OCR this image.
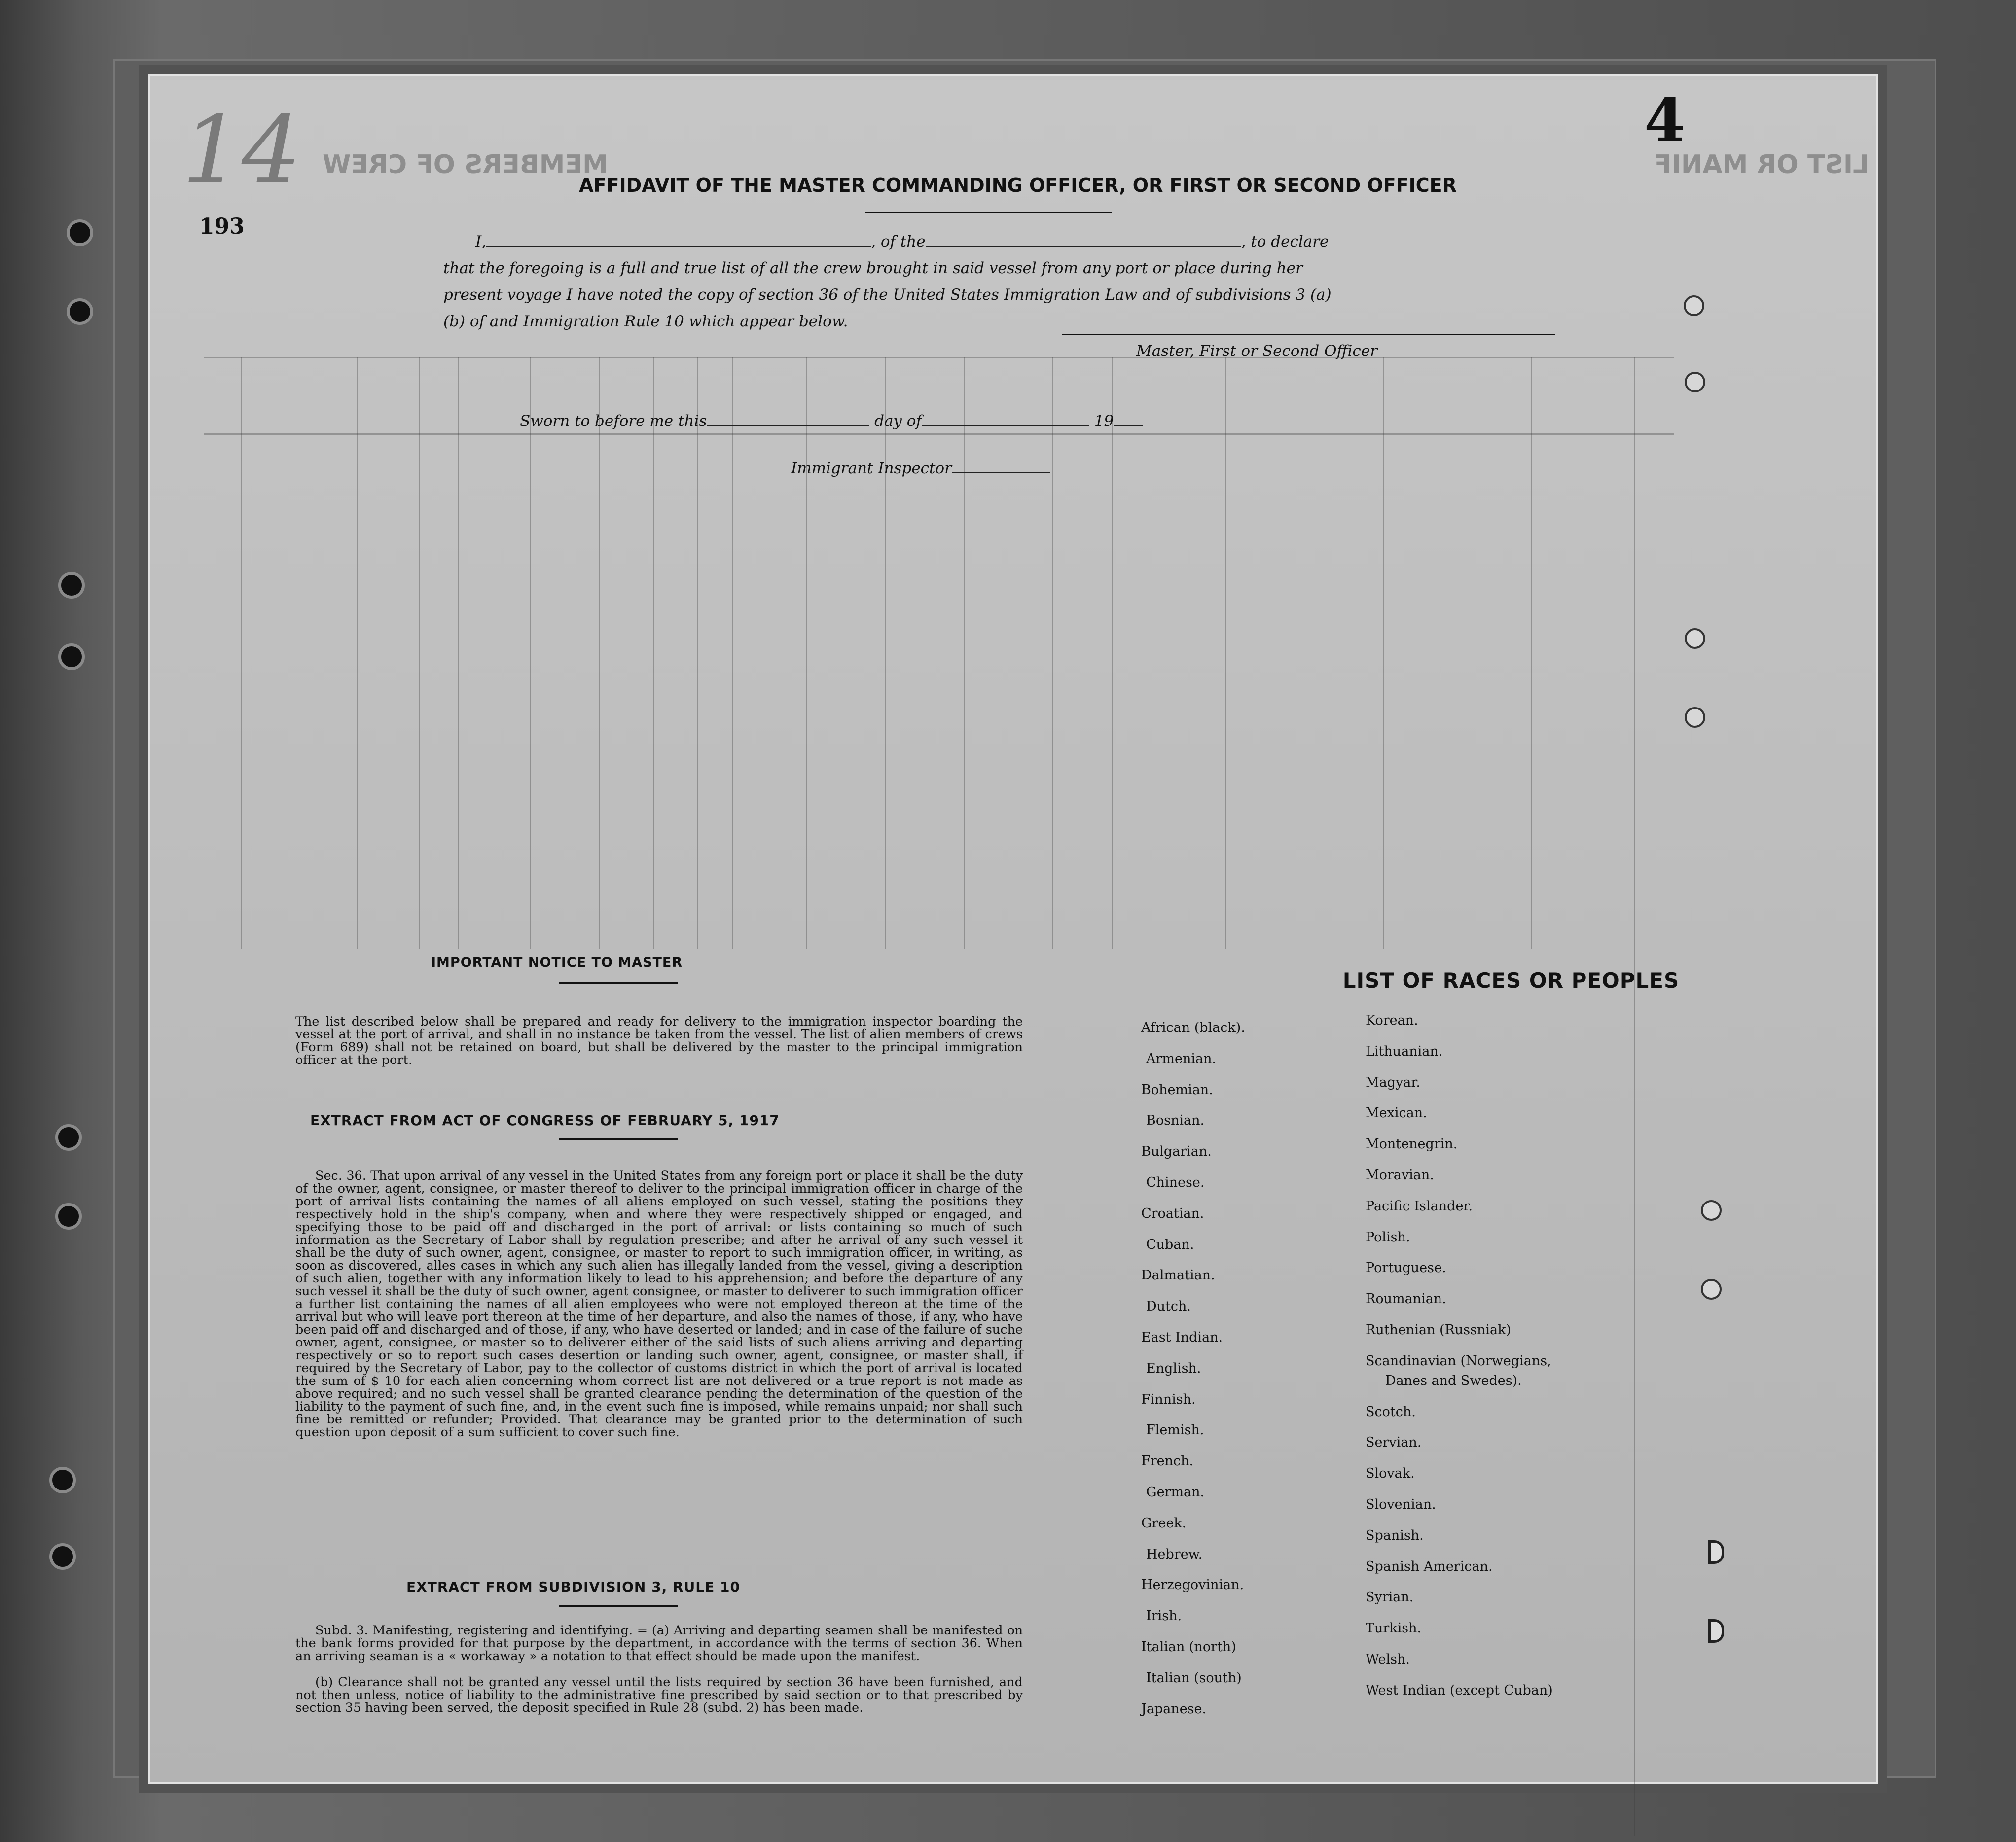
LIST OR MANIF
MEMBERS OF CREW
14
193
4
AFFIDAVIT OF THE MASTER COMMANDING OFFICER, OR FIRST OR SECOND OFFICER
I,	, of the	, to declare
that the foregoing is a full and true list of all the crew brought in said vessel from any port or place during her
present voyage I have noted the copy of section 36 of the United States Immigration Law and of subdivisions 3 (a)
(b) of and Immigration Rule 10 which appear below.
Master, First or Second Officer
Sworn to before me this	day of	19
Immigrant Inspector
IMPORTANT NOTICE TO MASTER
The list described below shall be prepared and ready for delivery to the immigration inspector boarding the vessel at the port of arrival, and shall in no instance be taken from the vessel. The list of alien members of crews (Form 689) shall not be retained on board, but shall be delivered by the master to the principal immigration officer at the port.
EXTRACT FROM ACT OF CONGRESS OF FEBRUARY 5, 1917
Sec. 36. That upon arrival of any vessel in the United States from any foreign port or place it shall be the duty of the owner, agent, consignee, or master thereof to deliver to the principal immigration officer in charge of the port of arrival lists containing the names of all aliens employed on such vessel, stating the positions they respectively hold in the ship's company, when and where they were respectively shipped or engaged, and specifying those to be paid off and discharged in the port of arrival: or lists containing so much of such information as the Secretary of Labor shall by regulation prescribe; and after he arrival of any such vessel it shall be the duty of such owner, agent, consignee, or master to report to such immigration officer, in writing, as soon as discovered, alles cases in which any such alien has illegally landed from the vessel, giving a description of such alien, together with any information likely to lead to his apprehension; and before the departure of any such vessel it shall be the duty of such owner, agent consignee, or master to deliverer to such immigration officer a further list containing the names of all alien employees who were not employed thereon at the time of the arrival but who will leave port thereon at the time of her departure, and also the names of those, if any, who have been paid off and discharged and of those, if any, who have deserted or landed; and in case of the failure of suche owner, agent, consignee, or master so to deliverer either of the said lists of such aliens arriving and departing respectively or so to report such cases desertion or landing such owner, agent, consignee, or master shall, if required by the Secretary of Labor, pay to the collector of customs district in which the port of arrival is located the sum of $ 10 for each alien concerning whom correct list are not delivered or a true report is not made as above required; and no such vessel shall be granted clearance pending the determination of the question of the liability to the payment of such fine, and, in the event such fine is imposed, while remains unpaid; nor shall such fine be remitted or refunder; Provided. That clearance may be granted prior to the determination of such question upon deposit of a sum sufficient to cover such fine.
EXTRACT FROM SUBDIVISION 3, RULE 10
Subd. 3. Manifesting, registering and identifying. = (a) Arriving and departing seamen shall be manifested on the bank forms provided for that purpose by the department, in accordance with the terms of section 36. When an arriving seaman is a « workaway » a notation to that effect should be made upon the manifest.
(b) Clearance shall not be granted any vessel until the lists required by section 36 have been furnished, and not then unless, notice of liability to the administrative fine prescribed by said section or to that prescribed by section 35 having been served, the deposit specified in Rule 28 (subd. 2) has been made.
LIST OF RACES OR PEOPLES
African (black).
Armenian.
Bohemian.
Bosnian.
Bulgarian.
Chinese.
Croatian.
Cuban.
Dalmatian.
Dutch.
East Indian.
English.
Finnish.
Flemish.
French.
German.
Greek.
Hebrew.
Herzegovinian.
Irish.
Italian (north)
Italian (south)
Japanese.
Korean.
Lithuanian.
Magyar.
Mexican.
Montenegrin.
Moravian.
Pacific Islander.
Polish.
Portuguese.
Roumanian.
Ruthenian (Russniak)
Scandinavian (Norwegians,
Danes and Swedes).
Scotch.
Servian.
Slovak.
Slovenian.
Spanish.
Spanish American.
Syrian.
Turkish.
Welsh.
West Indian (except Cuban)
